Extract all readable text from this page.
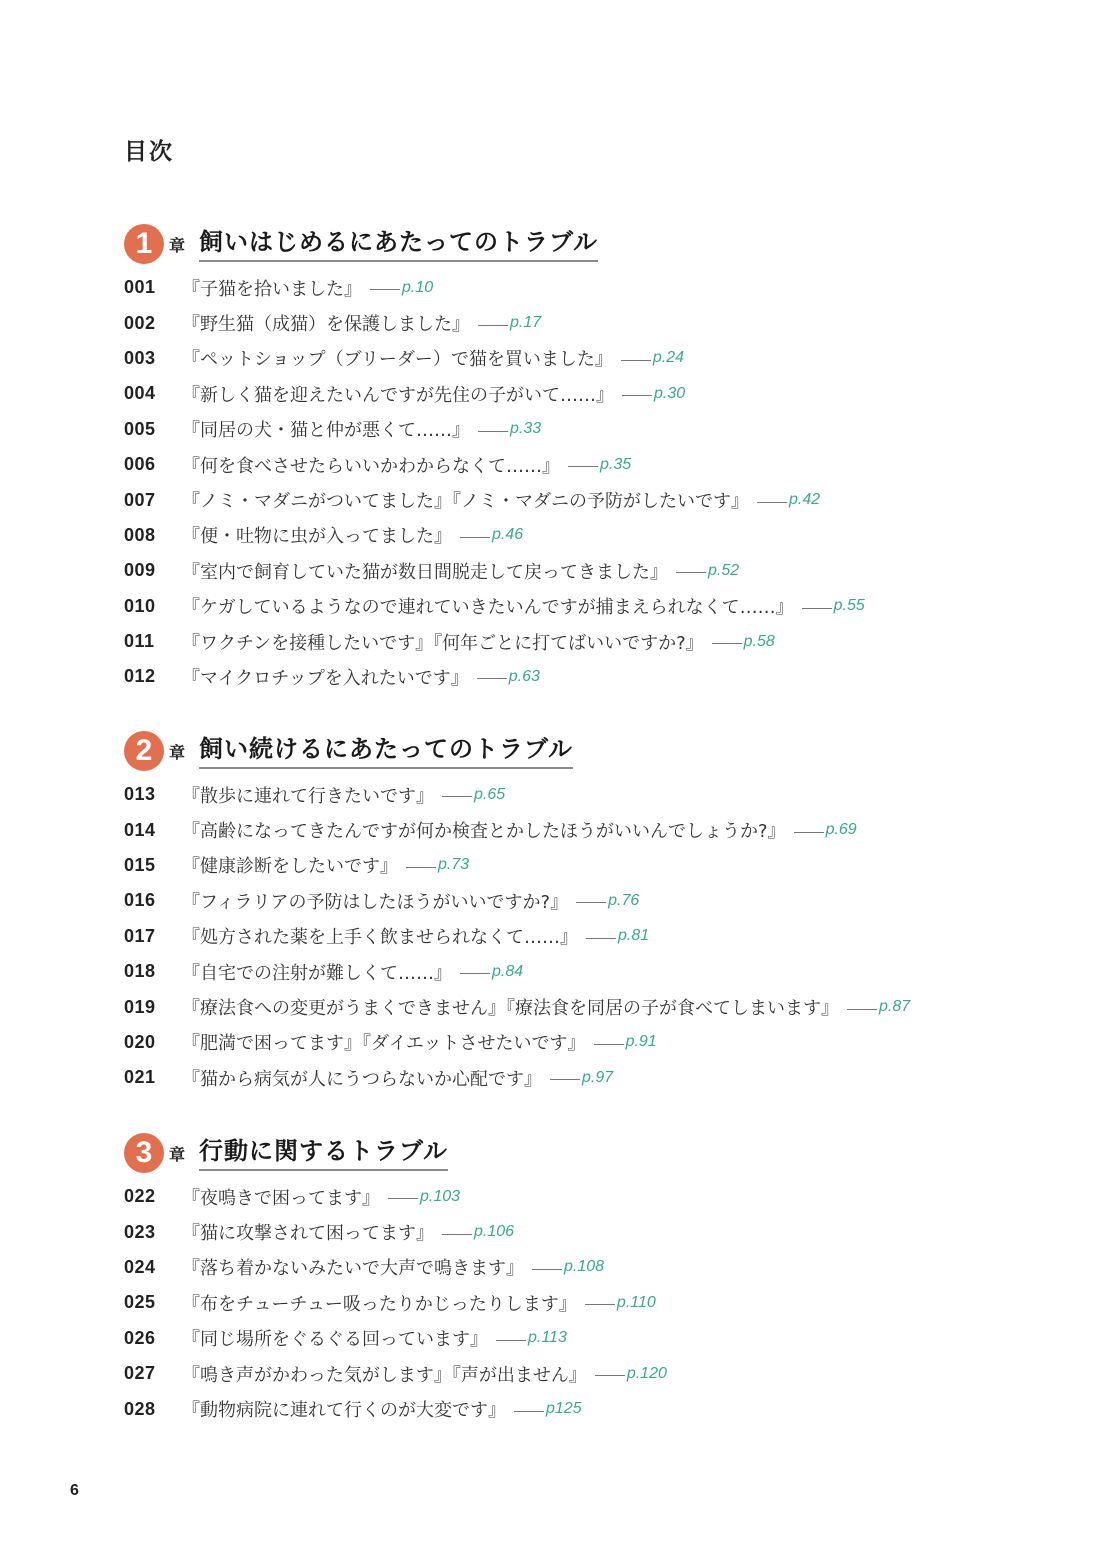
目次
1	章 飼いはじめるにあたってのトラブル
001	『子猫を拾いました』	p.10
002	『野生猫（成猫）を保護しました』	p.17
003	『ペットショップ（ブリーダー）で猫を買いました』	p.24
004	『新しく猫を迎えたいんですが先住の子がいて……』	p.30
005	『同居の犬・猫と仲が悪くて……』	p.33
006	『何を食べさせたらいいかわからなくて……』	p.35
007	『ノミ・マダニがついてました』『ノミ・マダニの予防がしたいです』	p.42
008	『便・吐物に虫が入ってました』	p.46
009	『室内で飼育していた猫が数日間脱走して戻ってきました』	p.52
010	『ケガしているようなので連れていきたいんですが捕まえられなくて……』	p.55
011	『ワクチンを接種したいです』『何年ごとに打てばいいですか?』	p.58
012	『マイクロチップを入れたいです』	p.63
2	章 飼い続けるにあたってのトラブル
013	『散歩に連れて行きたいです』	p.65
014	『高齢になってきたんですが何か検査とかしたほうがいいんでしょうか?』	p.69
015	『健康診断をしたいです』	p.73
016	『フィラリアの予防はしたほうがいいですか?』	p.76
017	『処方された薬を上手く飲ませられなくて……』	p.81
018	『自宅での注射が難しくて……』	p.84
019	『療法食への変更がうまくできません』『療法食を同居の子が食べてしまいます』	p.87
020	『肥満で困ってます』『ダイエットさせたいです』	p.91
021	『猫から病気が人にうつらないか心配です』	p.97
3	章 行動に関するトラブル
022	『夜鳴きで困ってます』	p.103
023	『猫に攻撃されて困ってます』	p.106
024	『落ち着かないみたいで大声で鳴きます』	p.108
025	『布をチューチュー吸ったりかじったりします』	p.110
026	『同じ場所をぐるぐる回っています』	p.113
027	『鳴き声がかわった気がします』『声が出ません』	p.120
028	『動物病院に連れて行くのが大変です』	p125
6
